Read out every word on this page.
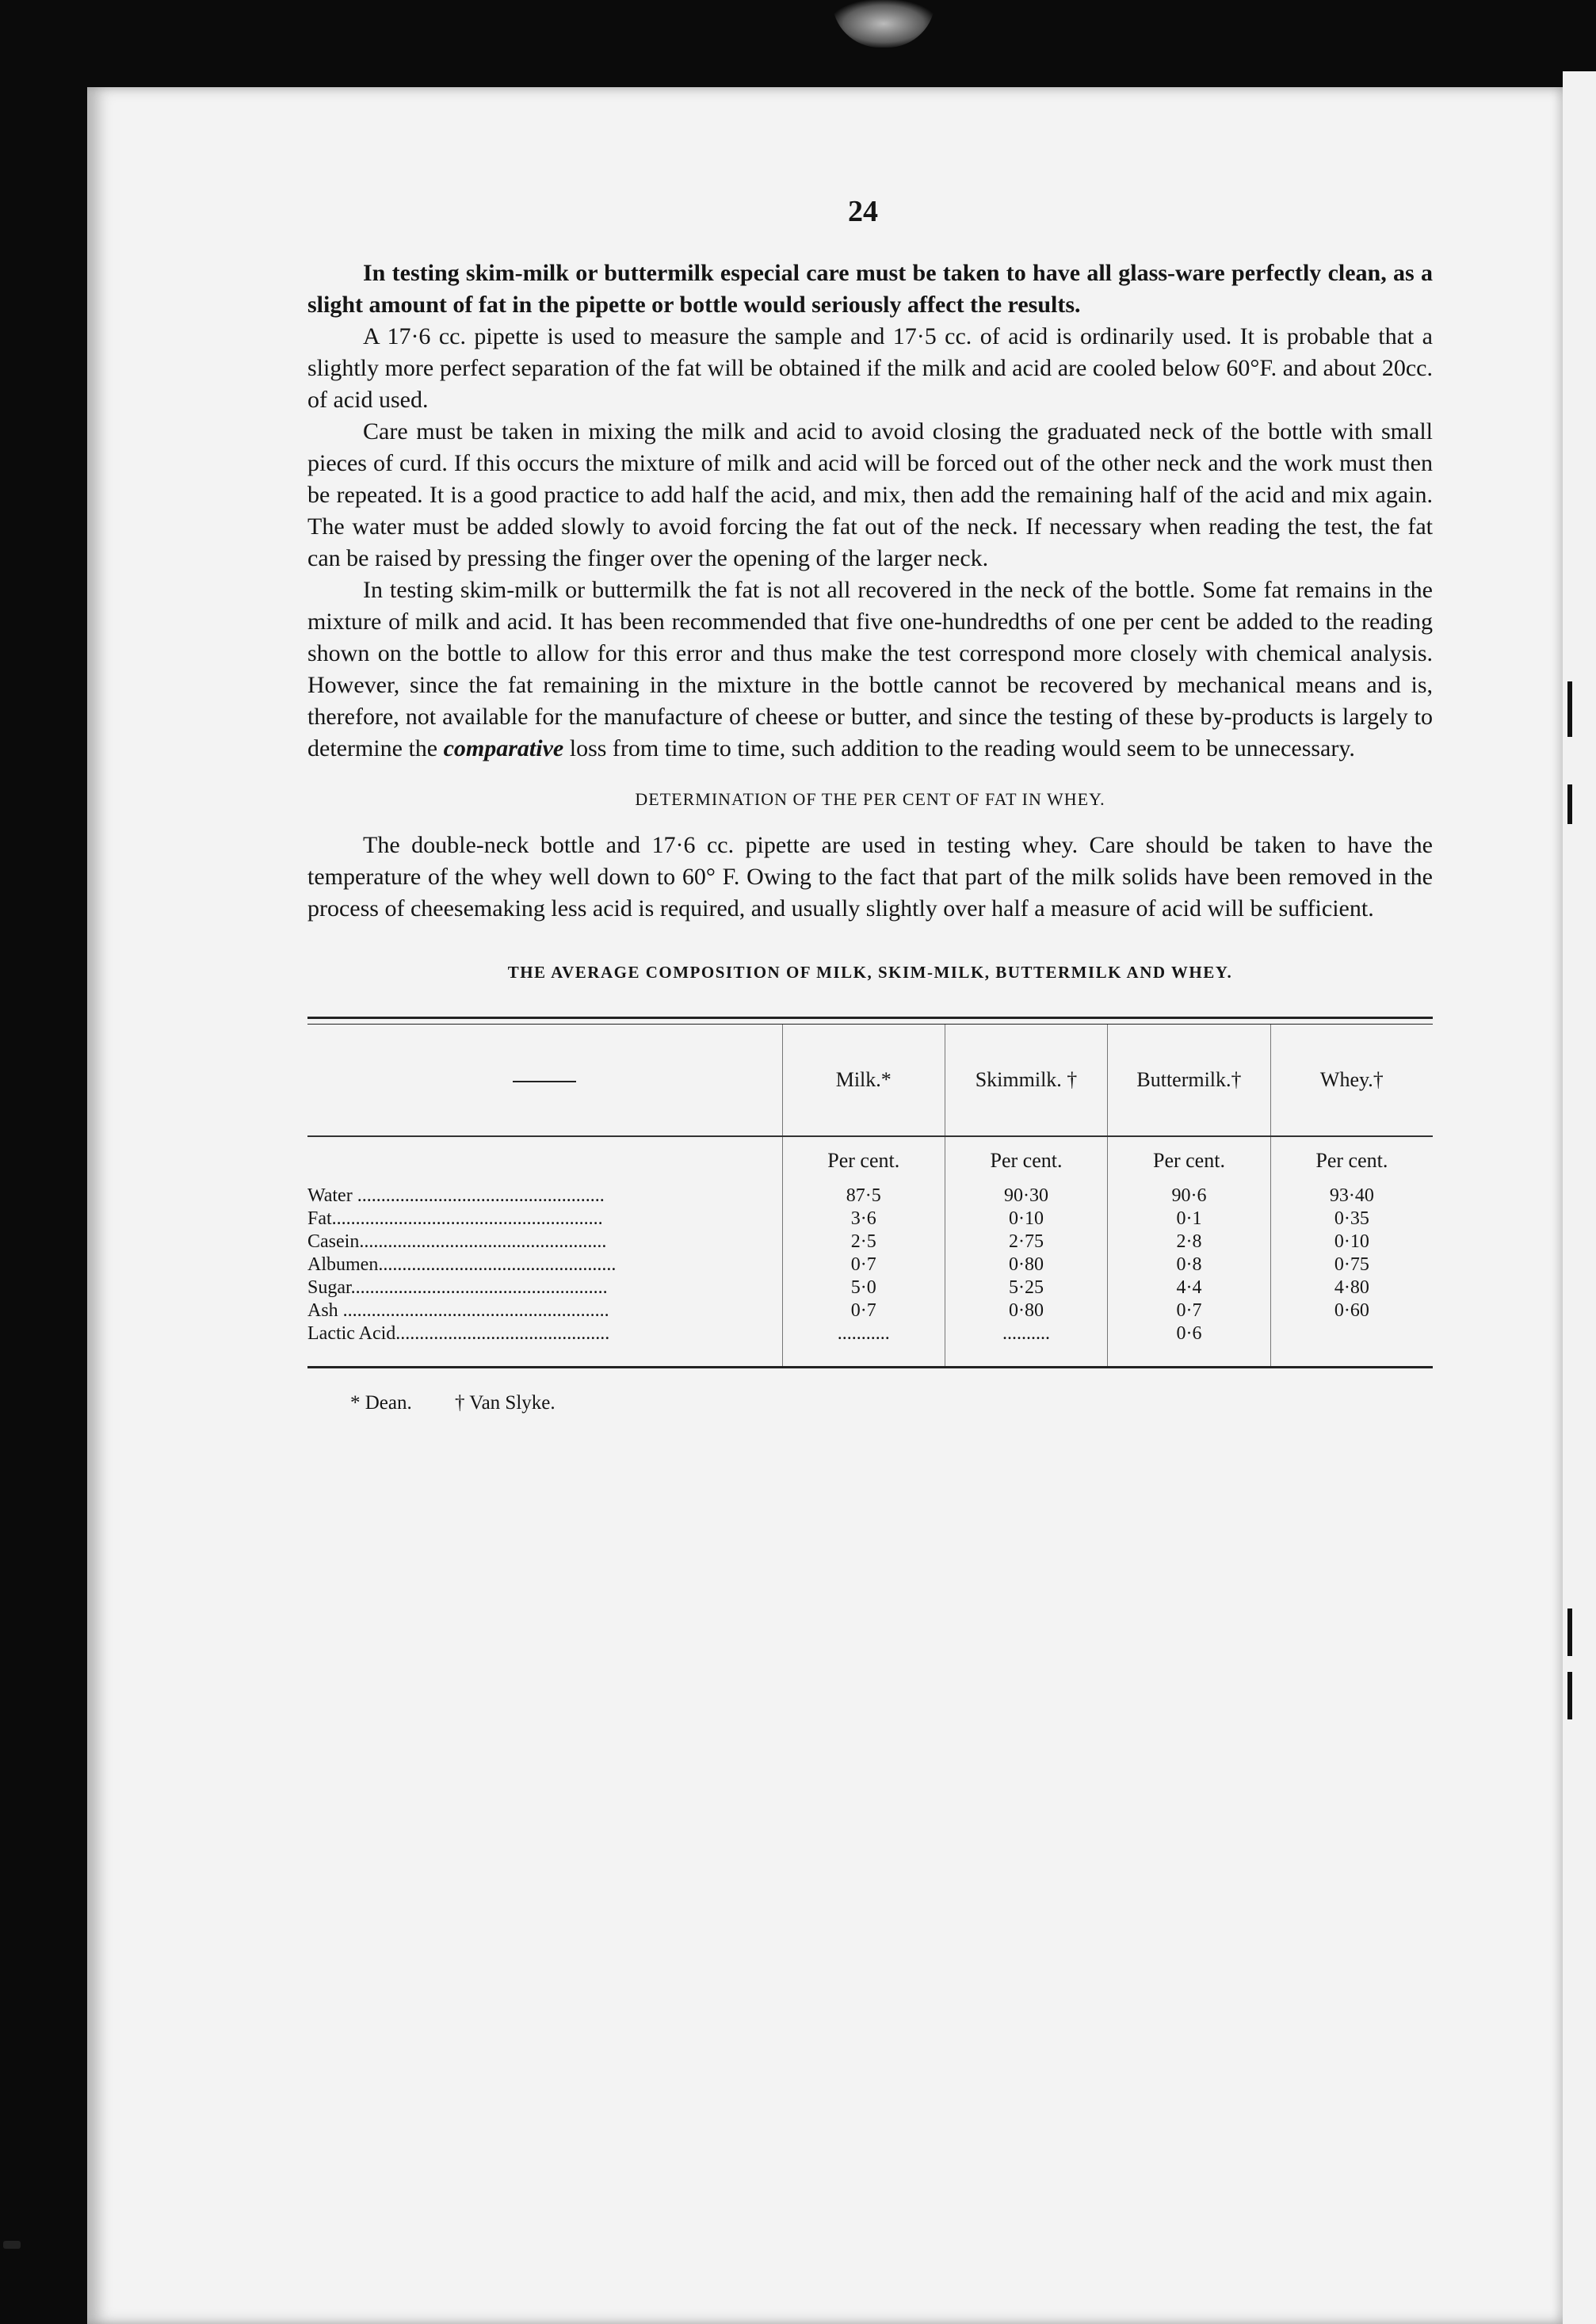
24

In testing skim-milk or buttermilk especial care must be taken to have all glass-ware perfectly clean, as a slight amount of fat in the pipette or bottle would seriously affect the results.

A 17·6 cc. pipette is used to measure the sample and 17·5 cc. of acid is ordinarily used. It is probable that a slightly more perfect separation of the fat will be obtained if the milk and acid are cooled below 60°F. and about 20cc. of acid used.

Care must be taken in mixing the milk and acid to avoid closing the graduated neck of the bottle with small pieces of curd. If this occurs the mixture of milk and acid will be forced out of the other neck and the work must then be repeated. It is a good practice to add half the acid, and mix, then add the remaining half of the acid and mix again. The water must be added slowly to avoid forcing the fat out of the neck. If necessary when reading the test, the fat can be raised by pressing the finger over the opening of the larger neck.

In testing skim-milk or buttermilk the fat is not all recovered in the neck of the bottle. Some fat remains in the mixture of milk and acid. It has been recommended that five one-hundredths of one per cent be added to the reading shown on the bottle to allow for this error and thus make the test correspond more closely with chemical analysis. However, since the fat remaining in the mixture in the bottle cannot be recovered by mechanical means and is, therefore, not available for the manufacture of cheese or butter, and since the testing of these by-products is largely to determine the comparative loss from time to time, such addition to the reading would seem to be unnecessary.

DETERMINATION OF THE PER CENT OF FAT IN WHEY.

The double-neck bottle and 17·6 cc. pipette are used in testing whey. Care should be taken to have the temperature of the whey well down to 60° F. Owing to the fact that part of the milk solids have been removed in the process of cheesemaking less acid is required, and usually slightly over half a measure of acid will be sufficient.

THE AVERAGE COMPOSITION OF MILK, SKIM-MILK, BUTTERMILK AND WHEY.
	Milk.*	Skimmilk. †	Buttermilk.†	Whey.†

	Per cent.	Per cent.	Per cent.	Per cent.

Water ....................................................	87·5	90·30	90·6	93·40

Fat.........................................................	3·6	0·10	0·1	0·35

Casein....................................................	2·5	2·75	2·8	0·10

Albumen..................................................	0·7	0·80	0·8	0·75

Sugar......................................................	5·0	5·25	4·4	4·80

Ash ........................................................	0·7	0·80	0·7	0·60

Lactic Acid.............................................	...........	..........	0·6	

* Dean. † Van Slyke.
